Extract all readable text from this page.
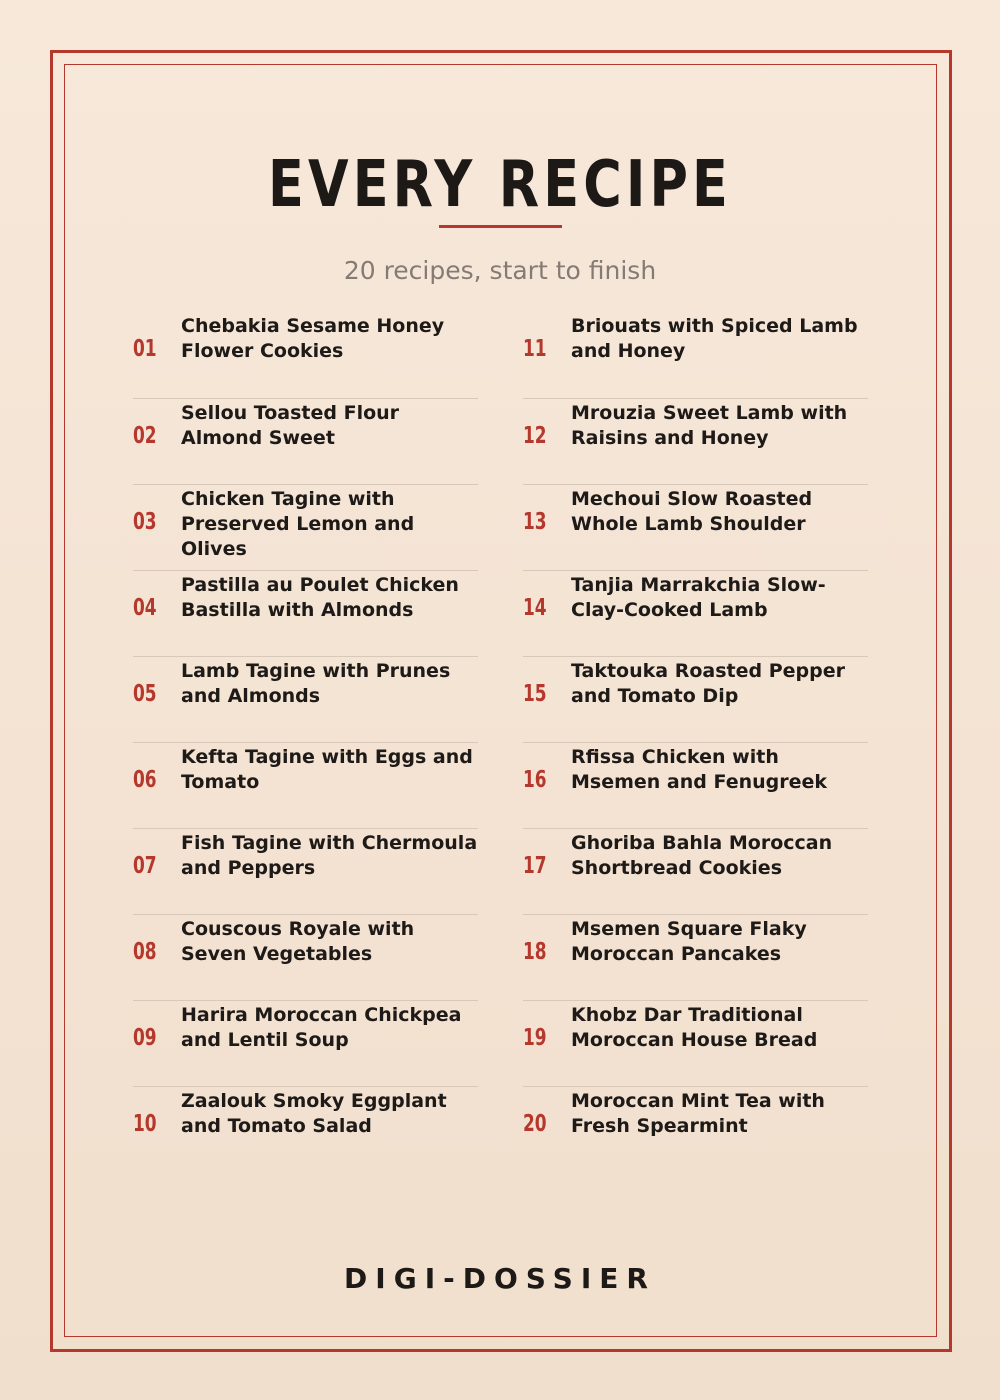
EVERY RECIPE

20 recipes, start to finish

01
Chebakia Sesame Honey Flower Cookies
02
Sellou Toasted Flour Almond Sweet
03
Chicken Tagine with Preserved Lemon and Olives
04
Pastilla au Poulet Chicken Bastilla with Almonds
05
Lamb Tagine with Prunes and Almonds
06
Kefta Tagine with Eggs and Tomato
07
Fish Tagine with Chermoula and Peppers
08
Couscous Royale with Seven Vegetables
09
Harira Moroccan Chickpea and Lentil Soup
10
Zaalouk Smoky Eggplant and Tomato Salad
11
Briouats with Spiced Lamb and Honey
12
Mrouzia Sweet Lamb with Raisins and Honey
13
Mechoui Slow Roasted Whole Lamb Shoulder
14
Tanjia Marrakchia Slow-Clay-Cooked Lamb
15
Taktouka Roasted Pepper and Tomato Dip
16
Rfissa Chicken with Msemen and Fenugreek
17
Ghoriba Bahla Moroccan Shortbread Cookies
18
Msemen Square Flaky Moroccan Pancakes
19
Khobz Dar Traditional Moroccan House Bread
20
Moroccan Mint Tea with Fresh Spearmint

DIGI-DOSSIER
